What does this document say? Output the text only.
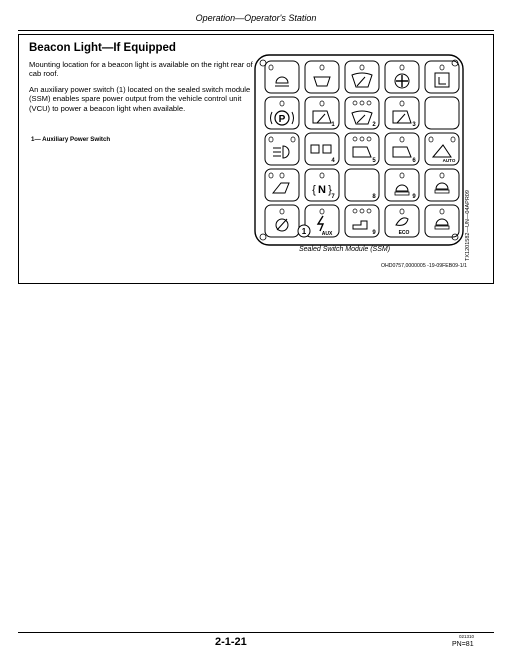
Operation—Operator's Station
Beacon Light—If Equipped
Mounting location for a beacon light is available on the right rear of cab roof.
An auxiliary power switch (1) located on the sealed switch module (SSM) enables spare power output from the vehicle control unit (VCU) to power a beacon light when available.
1— Auxiliary Power Switch
TX1201582—UN—04APR09
Sealed Switch Module (SSM)
OHD0757,0000005 ‑19‑09FEB09‑1/1
P	1	2	3
4	5	6	AUTO
{ N }
7	8	9
AUX	9	ECO
1
2-1-21	021310
PN=81
